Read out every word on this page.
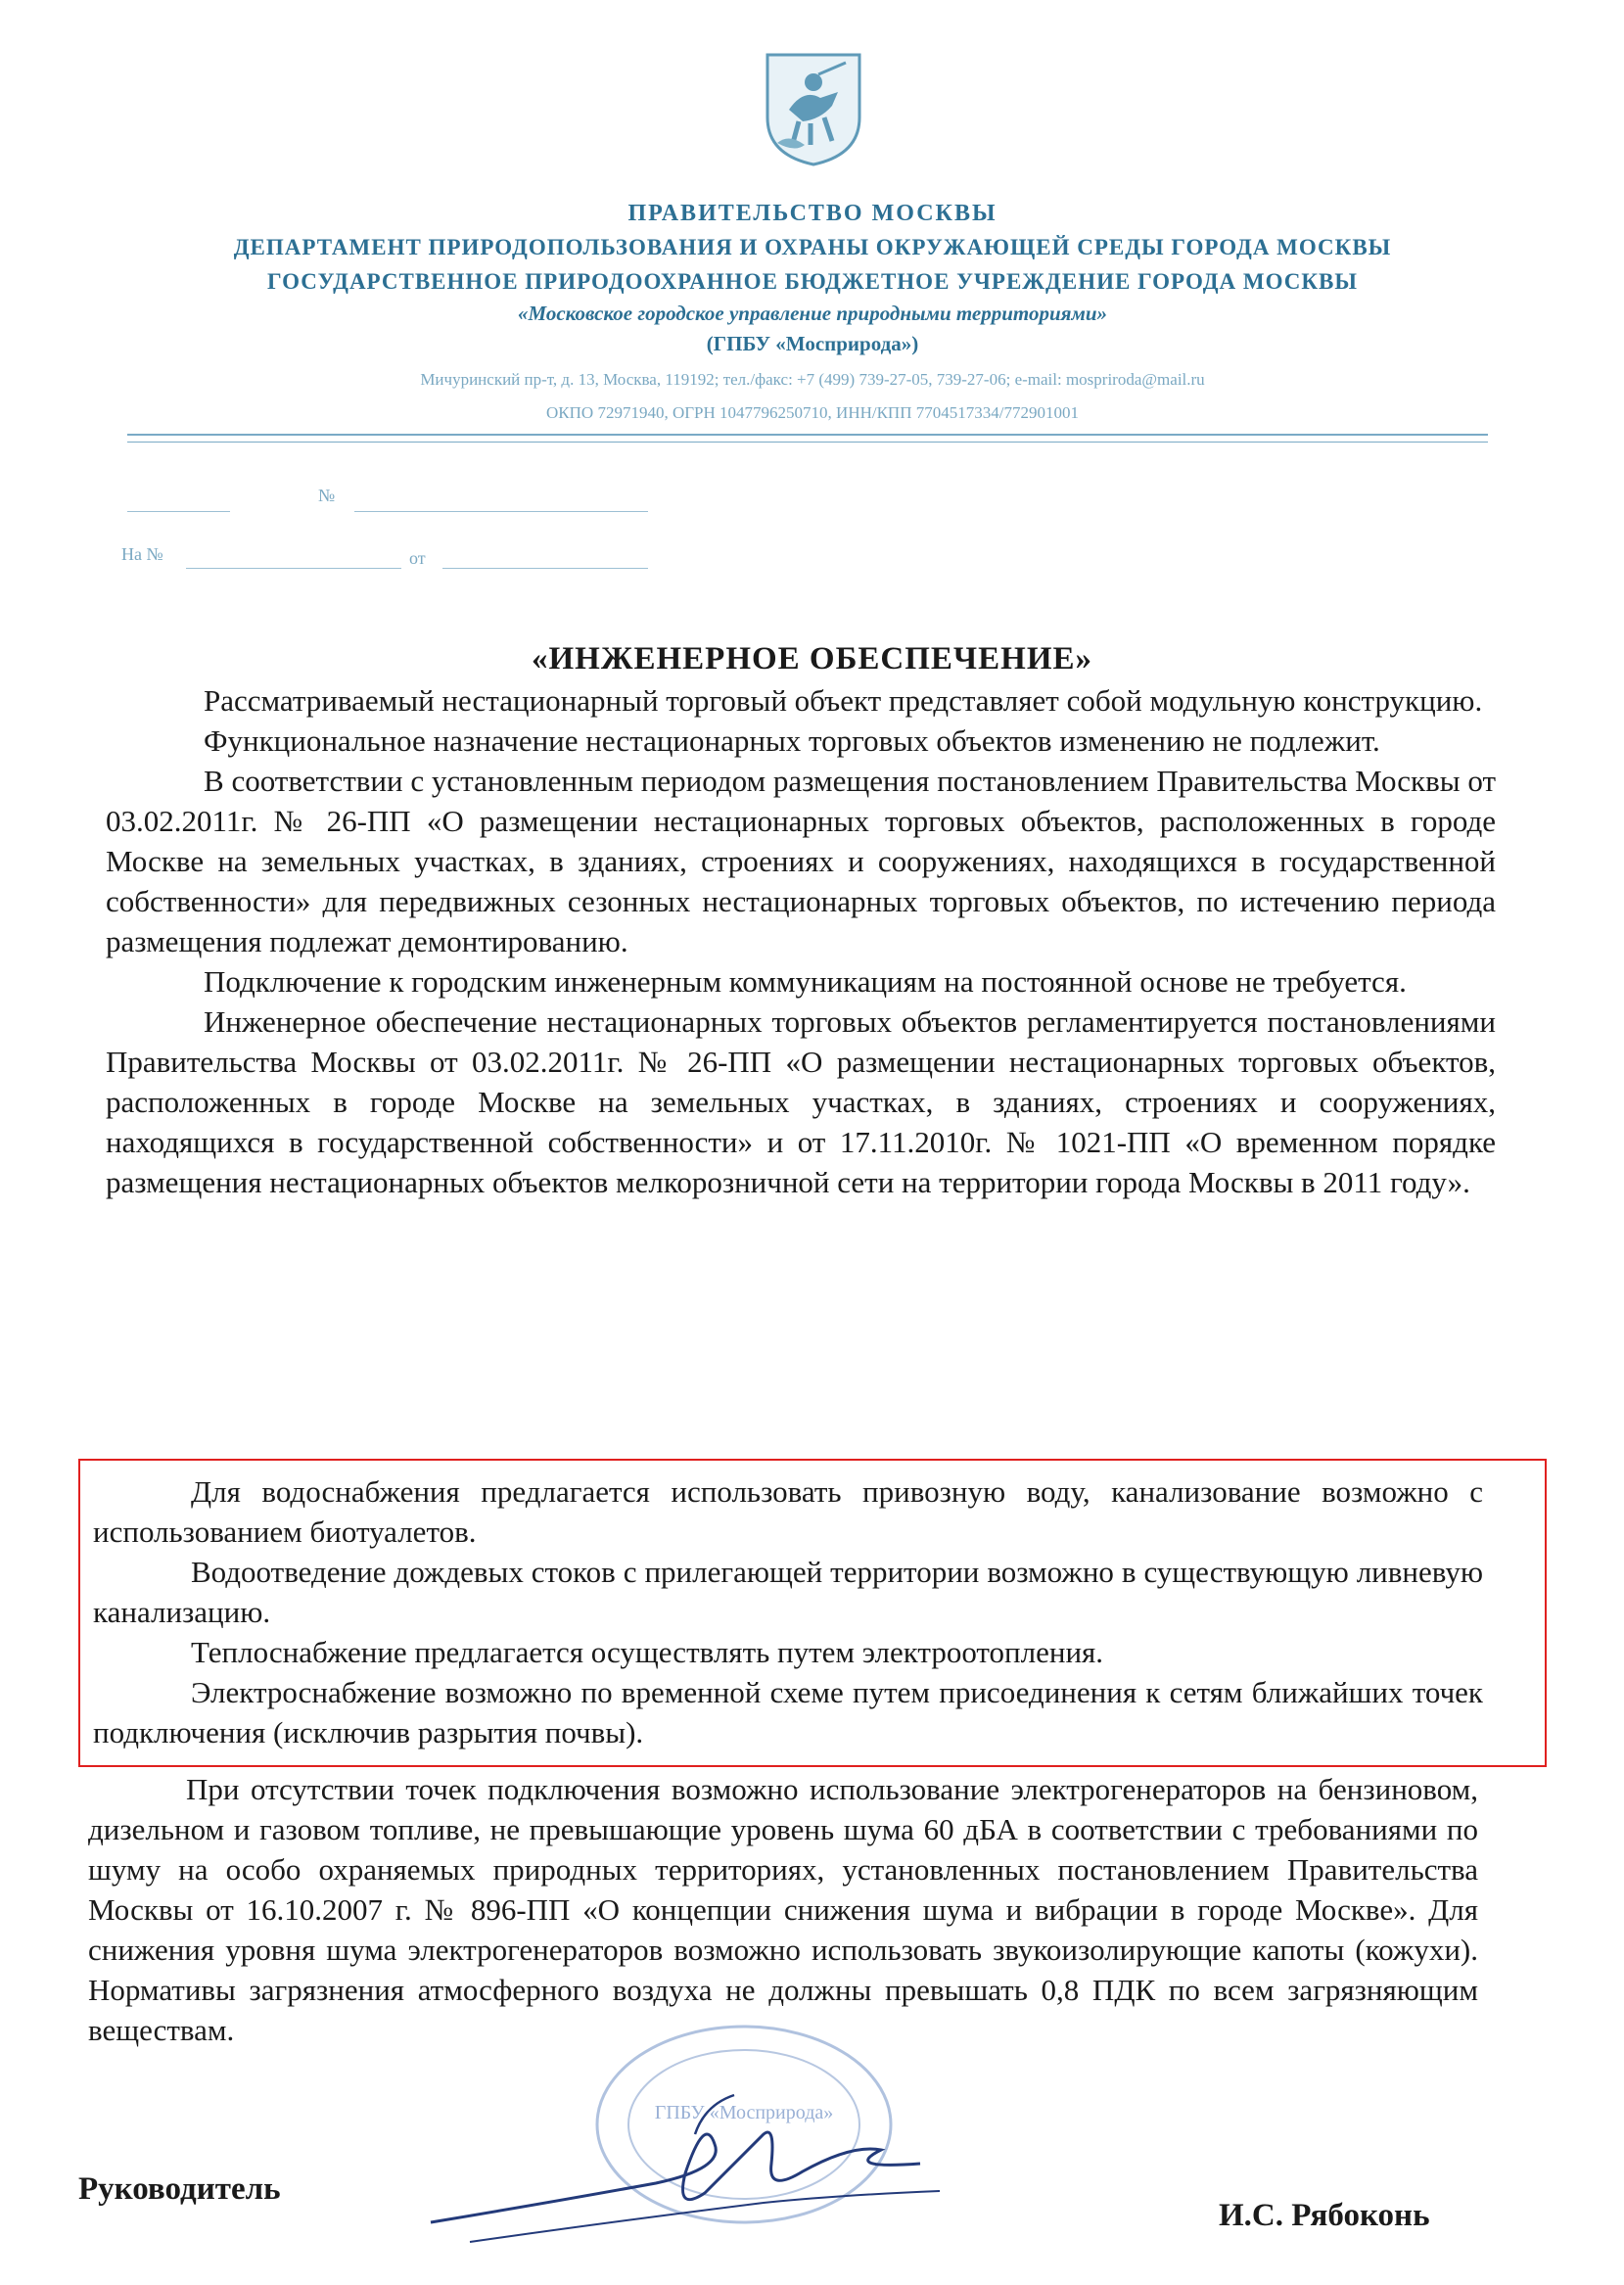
ПРАВИТЕЛЬСТВО МОСКВЫ
ДЕПАРТАМЕНТ ПРИРОДОПОЛЬЗОВАНИЯ И ОХРАНЫ ОКРУЖАЮЩЕЙ СРЕДЫ ГОРОДА МОСКВЫ
ГОСУДАРСТВЕННОЕ ПРИРОДООХРАННОЕ БЮДЖЕТНОЕ УЧРЕЖДЕНИЕ ГОРОДА МОСКВЫ
«Московское городское управление природными территориями»
(ГПБУ «Мосприрода»)
Мичуринский пр-т, д. 13, Москва, 119192; тел./факс: +7 (499) 739-27-05, 739-27-06; e-mail: mospriroda@mail.ru
ОКПО 72971940, ОГРН 1047796250710, ИНН/КПП 7704517334/772901001
№
На №	от
«ИНЖЕНЕРНОЕ ОБЕСПЕЧЕНИЕ»

Рассматриваемый нестационарный торговый объект представляет собой модульную конструкцию.

Функциональное назначение нестационарных торговых объектов изменению не подлежит.

В соответствии с установленным периодом размещения постановлением Правительства Москвы от 03.02.2011г. № 26-ПП «О размещении нестационарных торговых объектов, расположенных в городе Москве на земельных участках, в зданиях, строениях и сооружениях, находящихся в государственной собственности» для передвижных сезонных нестационарных торговых объектов, по истечению периода размещения подлежат демонтированию.

Подключение к городским инженерным коммуникациям на постоянной основе не требуется.

Инженерное обеспечение нестационарных торговых объектов регламентируется постановлениями Правительства Москвы от 03.02.2011г. № 26-ПП «О размещении нестационарных торговых объектов, расположенных в городе Москве на земельных участках, в зданиях, строениях и сооружениях, находящихся в государственной собственности» и от 17.11.2010г. № 1021-ПП «О временном порядке размещения нестационарных объектов мелкорозничной сети на территории города Москвы в 2011 году».

Для водоснабжения предлагается использовать привозную воду, канализование возможно с использованием биотуалетов.

Водоотведение дождевых стоков с прилегающей территории возможно в существующую ливневую канализацию.

Теплоснабжение предлагается осуществлять путем электроотопления.

Электроснабжение возможно по временной схеме путем присоединения к сетям ближайших точек подключения (исключив разрытия почвы).

При отсутствии точек подключения возможно использование электрогенераторов на бензиновом, дизельном и газовом топливе, не превышающие уровень шума 60 дБА в соответствии с требованиями по шуму на особо охраняемых природных территориях, установленных постановлением Правительства Москвы от 16.10.2007 г. № 896-ПП «О концепции снижения шума и вибрации в городе Москве». Для снижения уровня шума электрогенераторов возможно использовать звукоизолирующие капоты (кожухи). Нормативы загрязнения атмосферного воздуха не должны превышать 0,8 ПДК по всем загрязняющим веществам.

ГПБУ «Мосприрода»
Руководитель
И.С. Рябоконь
